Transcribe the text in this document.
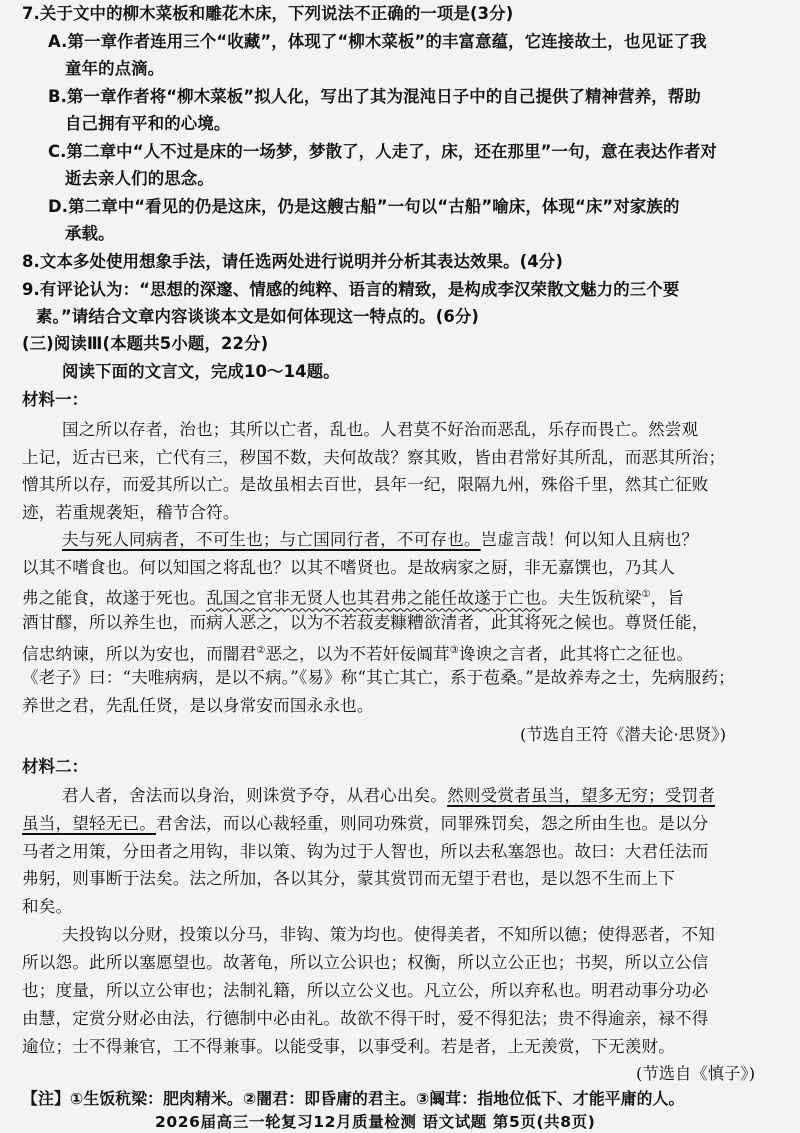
7.关于文中的柳木菜板和雕花木床，下列说法不正确的一项是(3分)
A.第一章作者连用三个“收藏”，体现了“柳木菜板”的丰富意蕴，它连接故土，也见证了我
童年的点滴。
B.第一章作者将“柳木菜板”拟人化，写出了其为混沌日子中的自己提供了精神营养，帮助
自己拥有平和的心境。
C.第二章中“人不过是床的一场梦，梦散了，人走了，床，还在那里”一句，意在表达作者对
逝去亲人们的思念。
D.第二章中“看见的仍是这床，仍是这艘古船”一句以“古船”喻床，体现“床”对家族的
承载。
8.文本多处使用想象手法，请任选两处进行说明并分析其表达效果。(4分)
9.有评论认为：“思想的深邃、情感的纯粹、语言的精致，是构成李汉荣散文魅力的三个要
素。”请结合文章内容谈谈本文是如何体现这一特点的。(6分)
(三)阅读Ⅲ(本题共5小题，22分)
阅读下面的文言文，完成10～14题。
材料一：
国之所以存者，治也；其所以亡者，乱也。人君莫不好治而恶乱，乐存而畏亡。然尝观
上记，近古已来，亡代有三，秽国不数，夫何故哉？察其败，皆由君常好其所乱，而恶其所治；
憎其所以存，而爱其所以亡。是故虽相去百世，县年一纪，限隔九州，殊俗千里，然其亡征败
迹，若重规袭矩，稽节合符。
夫与死人同病者，不可生也；与亡国同行者，不可存也。岂虚言哉！何以知人且病也？
以其不嗜食也。何以知国之将乱也？以其不嗜贤也。是故病家之厨，非无嘉馔也，乃其人
弗之能食，故遂于死也。乱国之官非无贤人也其君弗之能任故遂于亡也。夫生饭秔梁①，旨
酒甘醪，所以养生也，而病人恶之，以为不若菽麦糠糟欲清者，此其将死之候也。尊贤任能，
信忠纳谏，所以为安也，而闇君②恶之，以为不若奸佞阘茸③谗谀之言者，此其将亡之征也。
《老子》曰：“夫唯病病，是以不病。”《易》称“其亡其亡，系于苞桑。”是故养寿之士，先病服药；
养世之君，先乱任贤，是以身常安而国永永也。
(节选自王符《潜夫论·思贤》)
材料二：
君人者，舍法而以身治，则诛赏予夺，从君心出矣。然则受赏者虽当，望多无穷；受罚者
虽当，望轻无已。君舍法，而以心裁轻重，则同功殊赏，同罪殊罚矣，怨之所由生也。是以分
马者之用策，分田者之用钩，非以策、钩为过于人智也，所以去私塞怨也。故曰：大君任法而
弗躬，则事断于法矣。法之所加，各以其分，蒙其赏罚而无望于君也，是以怨不生而上下
和矣。
夫投钩以分财，投策以分马，非钩、策为均也。使得美者，不知所以德；使得恶者，不知
所以怨。此所以塞愿望也。故著龟，所以立公识也；权衡，所以立公正也；书契，所以立公信
也；度量，所以立公审也；法制礼籍，所以立公义也。凡立公，所以弃私也。明君动事分功必
由慧，定赏分财必由法，行德制中必由礼。故欲不得干时，爱不得犯法；贵不得逾亲，禄不得
逾位；士不得兼官，工不得兼事。以能受事，以事受利。若是者，上无羡赏，下无羡财。
(节选自《慎子》)
【注】①生饭秔梁：肥肉精米。②闇君：即昏庸的君主。③阘茸：指地位低下、才能平庸的人。
2026届高三一轮复习12月质量检测 语文试题 第5页(共8页)
